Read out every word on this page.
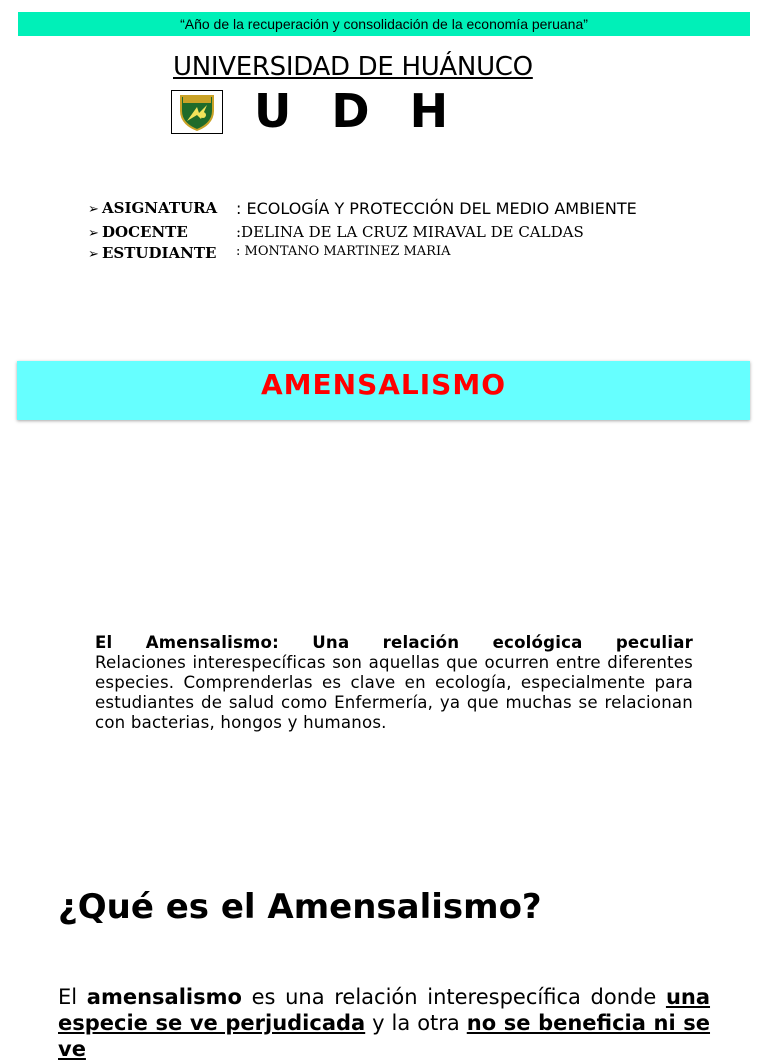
“Año de la recuperación y consolidación de la economía peruana”
UNIVERSIDAD DE HUÁNUCO
U D H
➢ ASIGNATURA : ECOLOGÍA Y PROTECCIÓN DEL MEDIO AMBIENTE
➢ DOCENTE	:DELINA DE LA CRUZ MIRAVAL DE CALDAS
➢ ESTUDIANTE : MONTANO MARTINEZ MARIA
AMENSALISMO
El Amensalismo: Una relación ecológica peculiar
Relaciones interespecíficas son aquellas que ocurren entre diferentes especies. Comprenderlas es clave en ecología, especialmente para estudiantes de salud como Enfermería, ya que muchas se relacionan con bacterias, hongos y humanos.
¿Qué es el Amensalismo?
El amensalismo es una relación interespecífica donde una especie se ve perjudicada y la otra no se beneficia ni se ve
